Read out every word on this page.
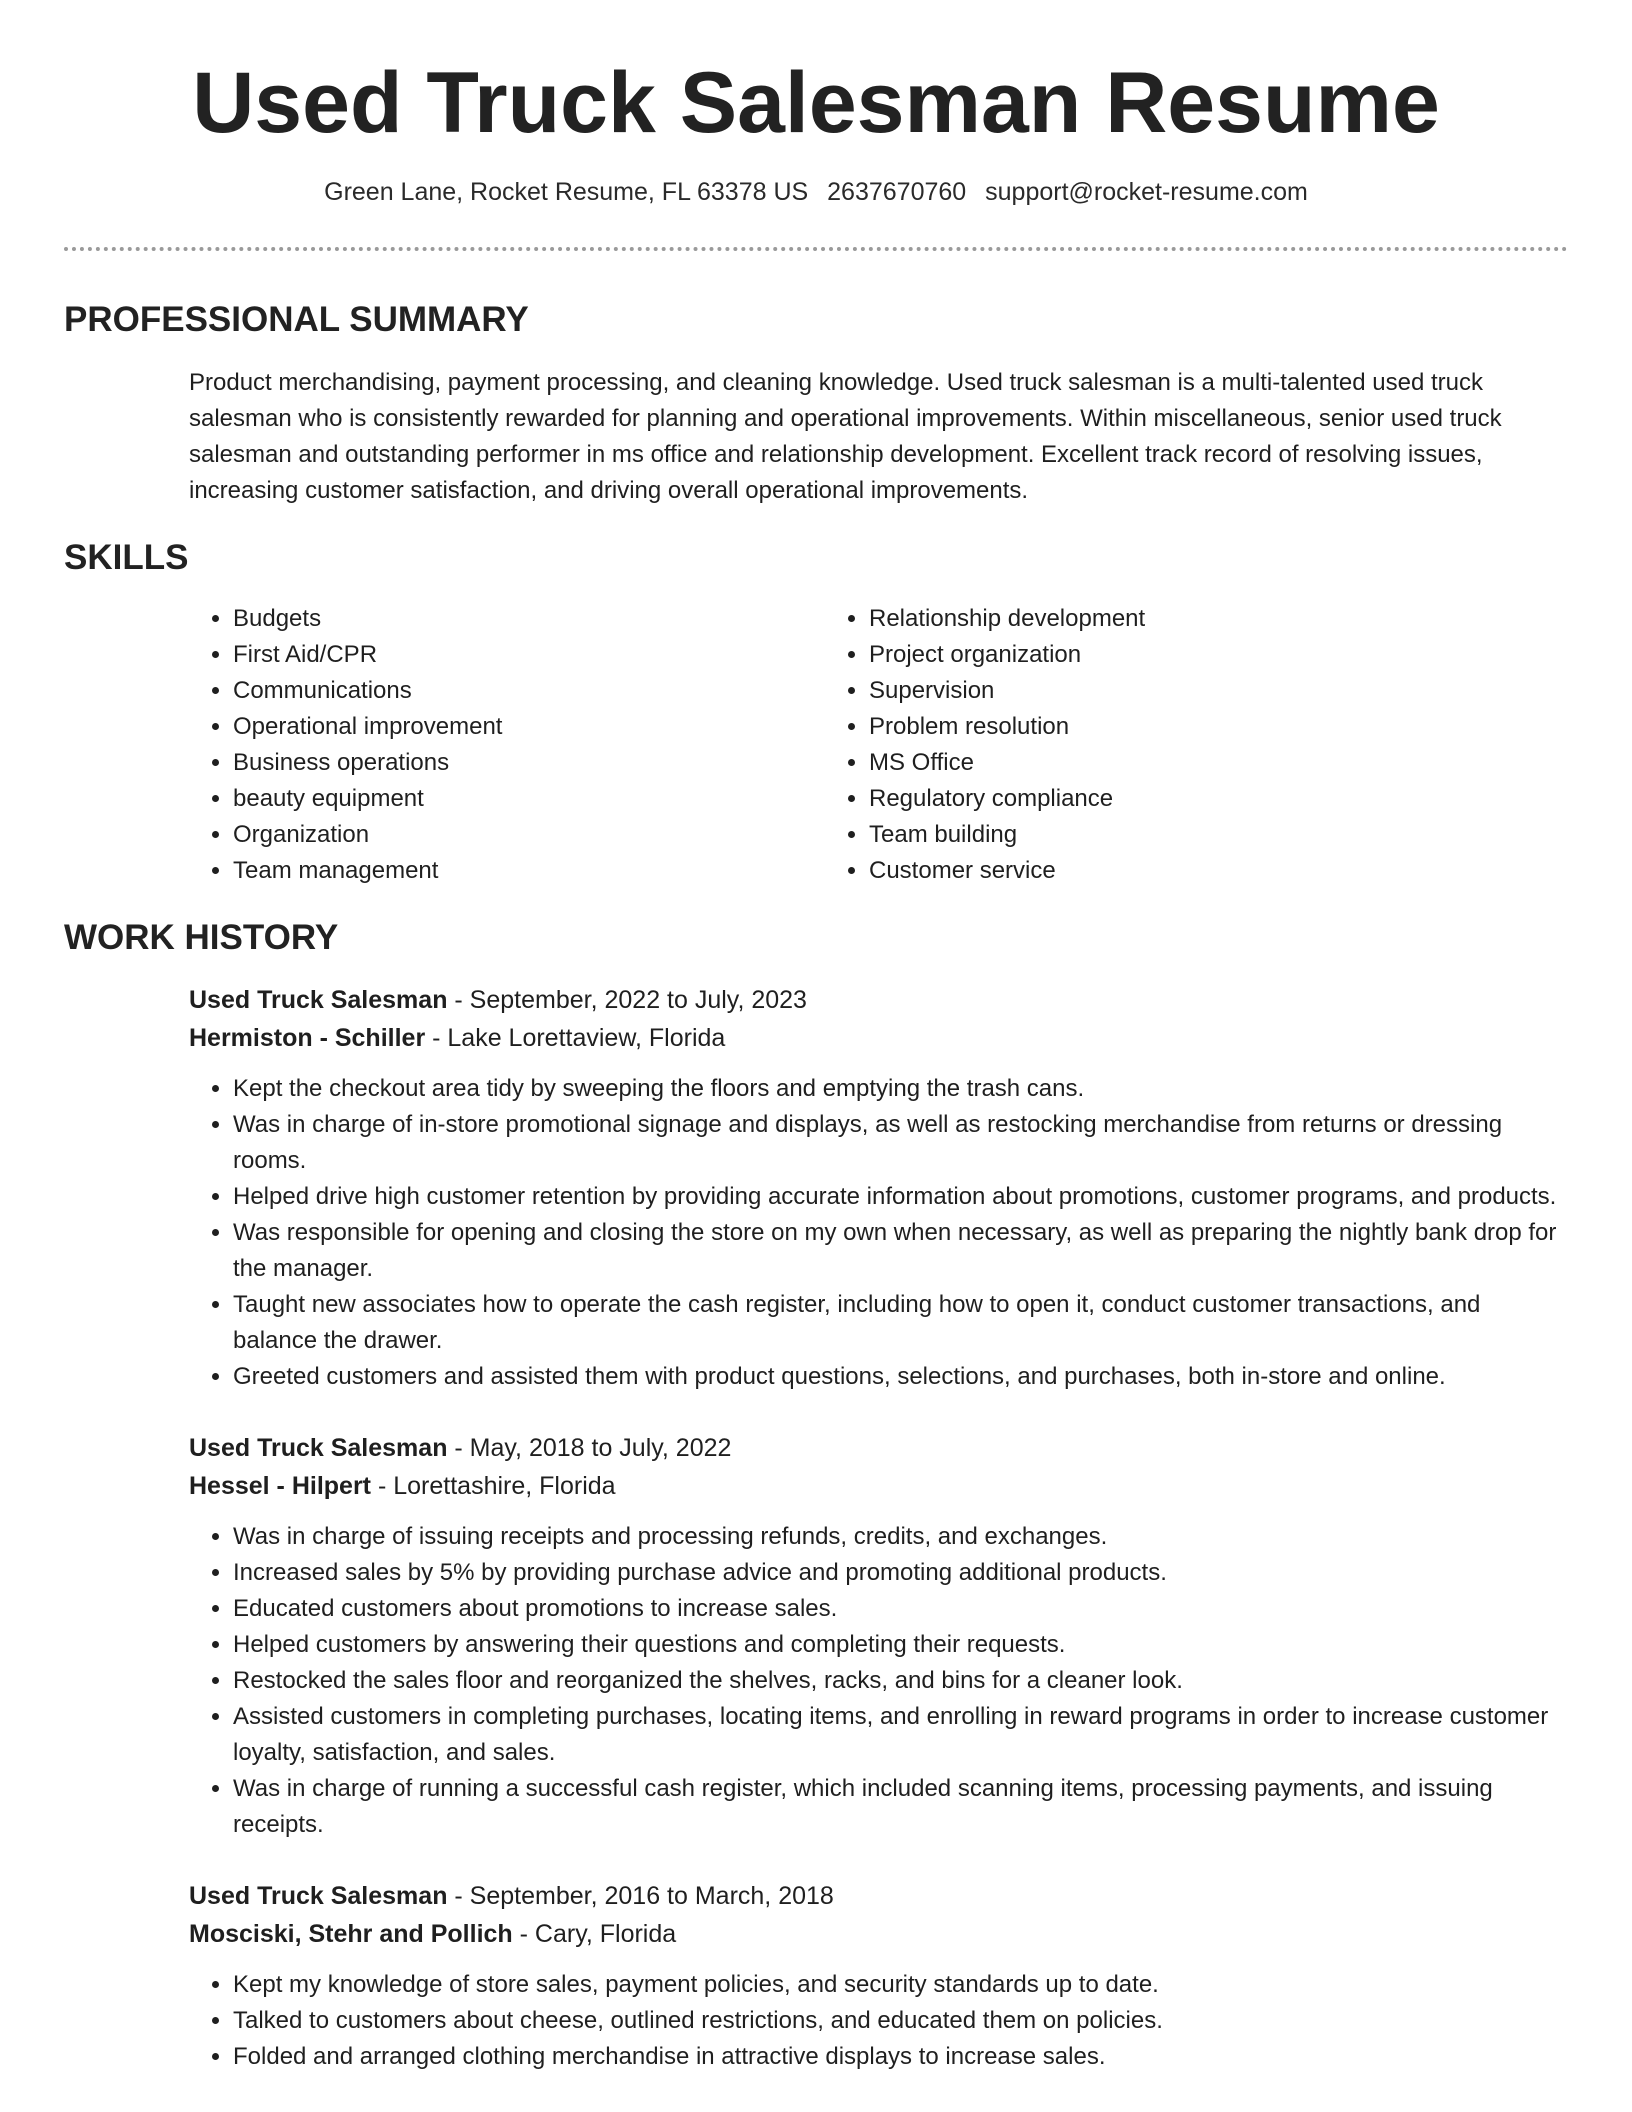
Used Truck Salesman Resume
Green Lane, Rocket Resume, FL 63378 US 2637670760 support@rocket-resume.com
PROFESSIONAL SUMMARY
Product merchandising, payment processing, and cleaning knowledge. Used truck salesman is a multi-talented used truck salesman who is consistently rewarded for planning and operational improvements. Within miscellaneous, senior used truck salesman and outstanding performer in ms office and relationship development. Excellent track record of resolving issues, increasing customer satisfaction, and driving overall operational improvements.
SKILLS
• Budgets
• First Aid/CPR
• Communications
• Operational improvement
• Business operations
• beauty equipment
• Organization
• Team management
• Relationship development
• Project organization
• Supervision
• Problem resolution
• MS Office
• Regulatory compliance
• Team building
• Customer service
WORK HISTORY
Used Truck Salesman - September, 2022 to July, 2023
Hermiston - Schiller - Lake Lorettaview, Florida
• Kept the checkout area tidy by sweeping the floors and emptying the trash cans.
• Was in charge of in-store promotional signage and displays, as well as restocking merchandise from returns or dressing rooms.
• Helped drive high customer retention by providing accurate information about promotions, customer programs, and products.
• Was responsible for opening and closing the store on my own when necessary, as well as preparing the nightly bank drop for the manager.
• Taught new associates how to operate the cash register, including how to open it, conduct customer transactions, and balance the drawer.
• Greeted customers and assisted them with product questions, selections, and purchases, both in-store and online.
Used Truck Salesman - May, 2018 to July, 2022
Hessel - Hilpert - Lorettashire, Florida
• Was in charge of issuing receipts and processing refunds, credits, and exchanges.
• Increased sales by 5% by providing purchase advice and promoting additional products.
• Educated customers about promotions to increase sales.
• Helped customers by answering their questions and completing their requests.
• Restocked the sales floor and reorganized the shelves, racks, and bins for a cleaner look.
• Assisted customers in completing purchases, locating items, and enrolling in reward programs in order to increase customer loyalty, satisfaction, and sales.
• Was in charge of running a successful cash register, which included scanning items, processing payments, and issuing receipts.
Used Truck Salesman - September, 2016 to March, 2018
Mosciski, Stehr and Pollich - Cary, Florida
• Kept my knowledge of store sales, payment policies, and security standards up to date.
• Talked to customers about cheese, outlined restrictions, and educated them on policies.
• Folded and arranged clothing merchandise in attractive displays to increase sales.
